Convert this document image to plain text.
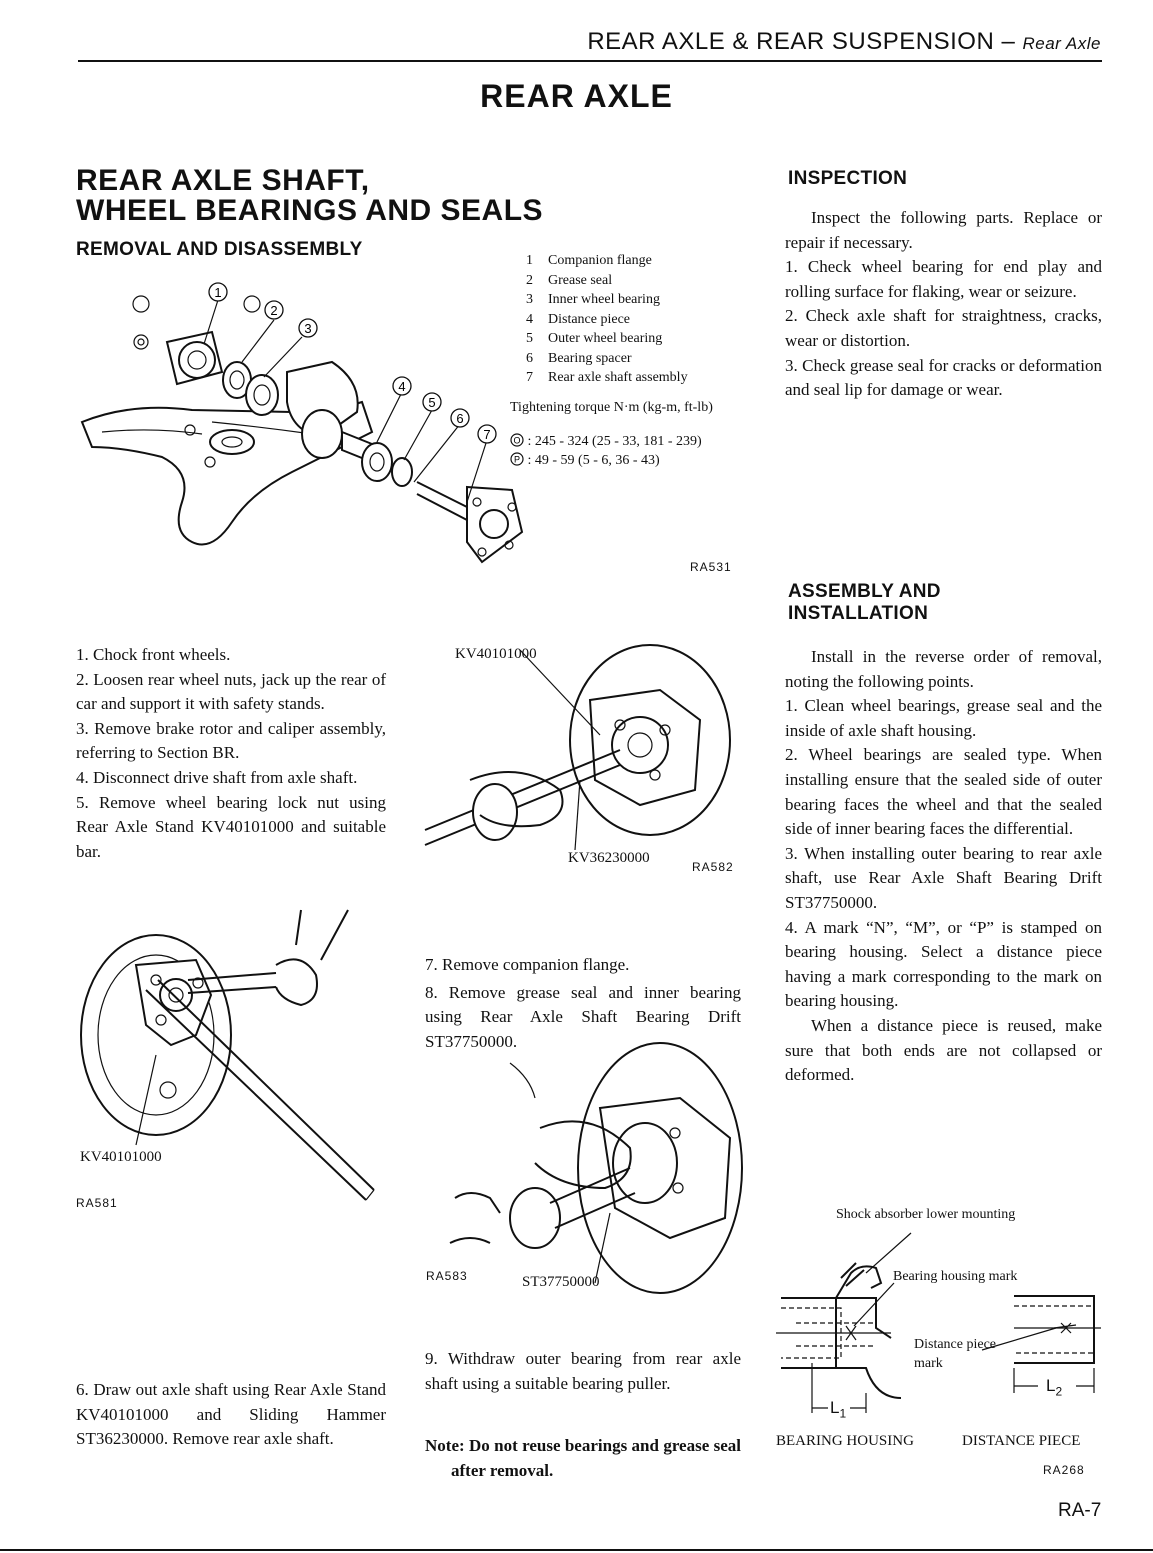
REAR AXLE & REAR SUSPENSION – Rear Axle
REAR AXLE
REAR AXLE SHAFT,
WHEEL BEARINGS AND SEALS
REMOVAL AND DISASSEMBLY
1
2
3
4
5
6
7
1 Companion flange
2 Grease seal
3 Inner wheel bearing
4 Distance piece
5 Outer wheel bearing
6 Bearing spacer
7 Rear axle shaft assembly
Tightening torque N·m (kg-m, ft-lb)
O : 245 - 324 (25 - 33, 181 - 239)
P : 49 - 59 (5 - 6, 36 - 43)
RA531

1. Chock front wheels.

2. Loosen rear wheel nuts, jack up the rear of car and support it with safety stands.

3. Remove brake rotor and caliper assembly, referring to Section BR.

4. Disconnect drive shaft from axle shaft.

5. Remove wheel bearing lock nut using Rear Axle Stand KV40101000 and suitable bar.

KV40101000
RA581

6. Draw out axle shaft using Rear Axle Stand KV40101000 and Sliding Hammer ST36230000. Remove rear axle shaft.

KV40101000
KV36230000
RA582

7. Remove companion flange.

8. Remove grease seal and inner bearing using Rear Axle Shaft Bearing Drift ST37750000.

RA583	ST37750000

9. Withdraw outer bearing from rear axle shaft using a suitable bearing puller.

Note: Do not reuse bearings and grease seal after removal.

INSPECTION

Inspect the following parts. Replace or repair if necessary.

1. Check wheel bearing for end play and rolling surface for flaking, wear or seizure.

2. Check axle shaft for straightness, cracks, wear or distortion.

3. Check grease seal for cracks or deformation and seal lip for damage or wear.

ASSEMBLY AND
INSTALLATION

Install in the reverse order of removal, noting the following points.

1. Clean wheel bearings, grease seal and the inside of axle shaft housing.

2. Wheel bearings are sealed type. When installing ensure that the sealed side of outer bearing faces the wheel and that the sealed side of inner bearing faces the differential.

3. When installing outer bearing to rear axle shaft, use Rear Axle Shaft Bearing Drift ST37750000.

4. A mark “N”, “M”, or “P” is stamped on bearing housing. Select a distance piece having a mark corresponding to the mark on bearing housing.

When a distance piece is reused, make sure that both ends are not collapsed or deformed.

Shock absorber lower mounting
Bearing housing mark
Distance piece
mark
$L_1$
$L_2$
BEARING HOUSING	DISTANCE PIECE
RA268
RA-7
